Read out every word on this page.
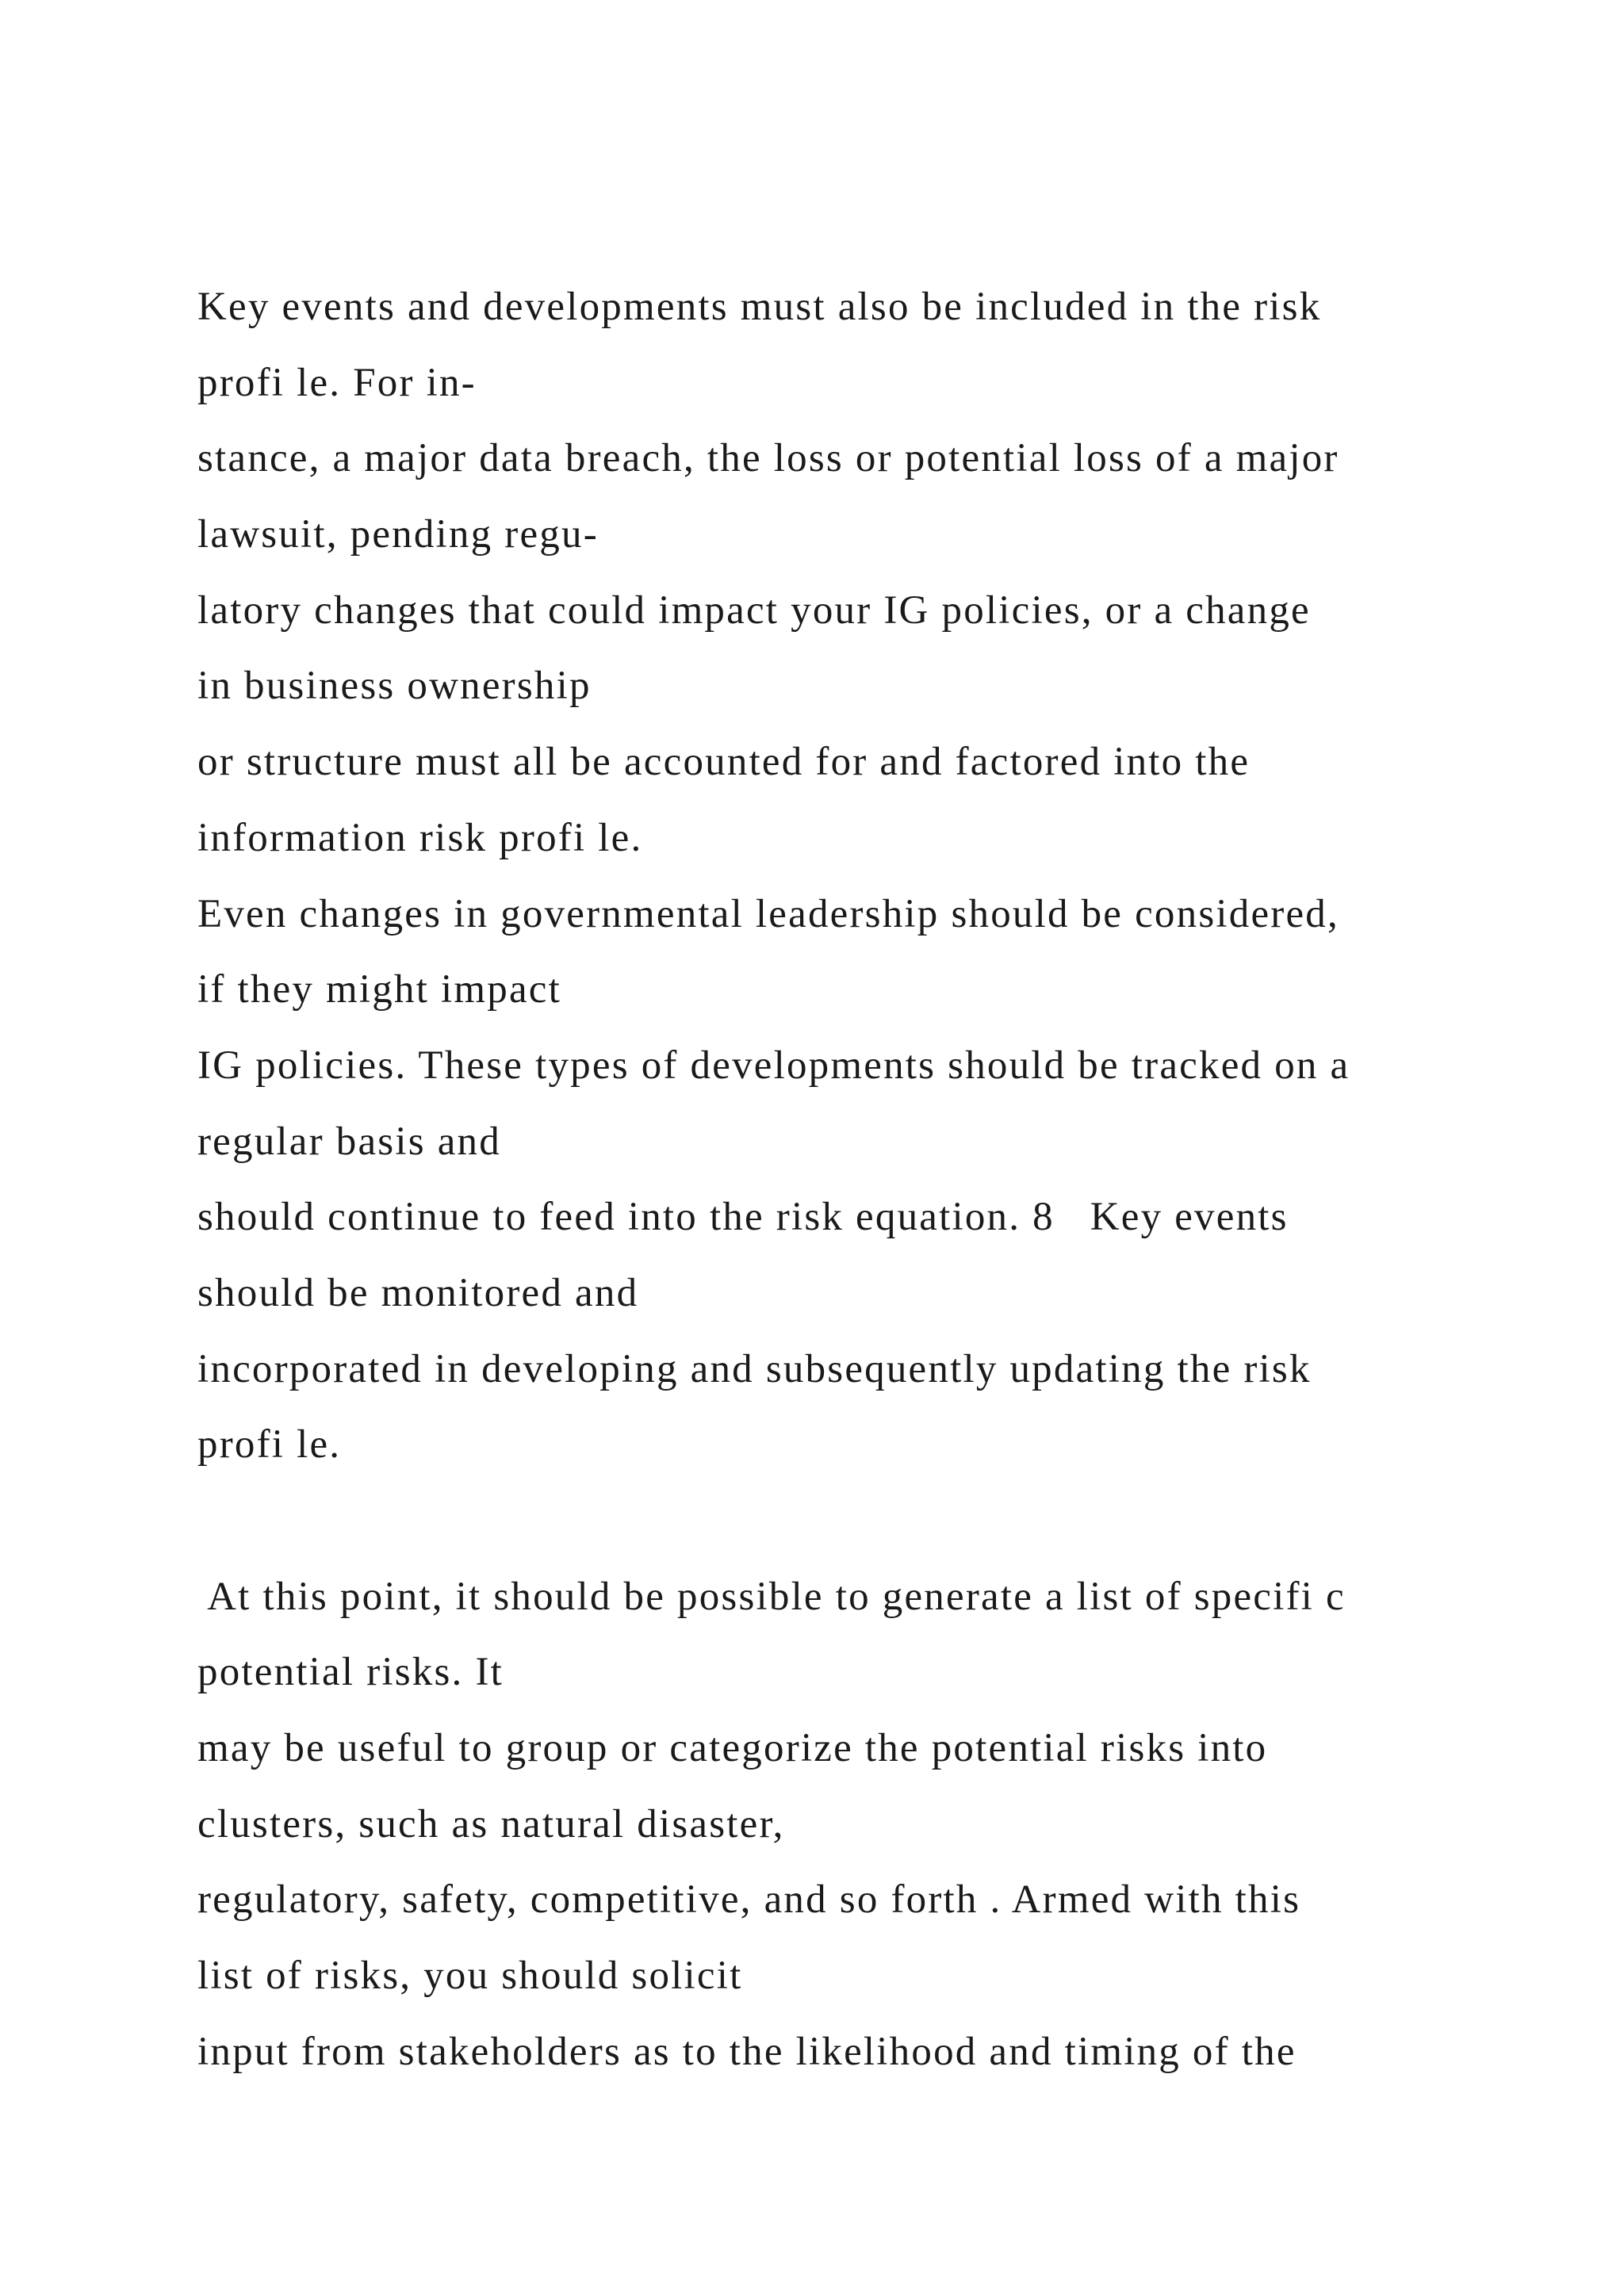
Key events and developments must also be included in the risk
profi le. For in-
stance, a major data breach, the loss or potential loss of a major
lawsuit, pending regu-
latory changes that could impact your IG policies, or a change
in business ownership
or structure must all be accounted for and factored into the
information risk profi le.
Even changes in governmental leadership should be considered,
if they might impact
IG policies. These types of developments should be tracked on a
regular basis and
should continue to feed into the risk equation. 8   Key events
should be monitored and
incorporated in developing and subsequently updating the risk
profi le.
At this point, it should be possible to generate a list of specifi c
potential risks. It
may be useful to group or categorize the potential risks into
clusters, such as natural disaster,
regulatory, safety, competitive, and so forth . Armed with this
list of risks, you should solicit
input from stakeholders as to the likelihood and timing of the
